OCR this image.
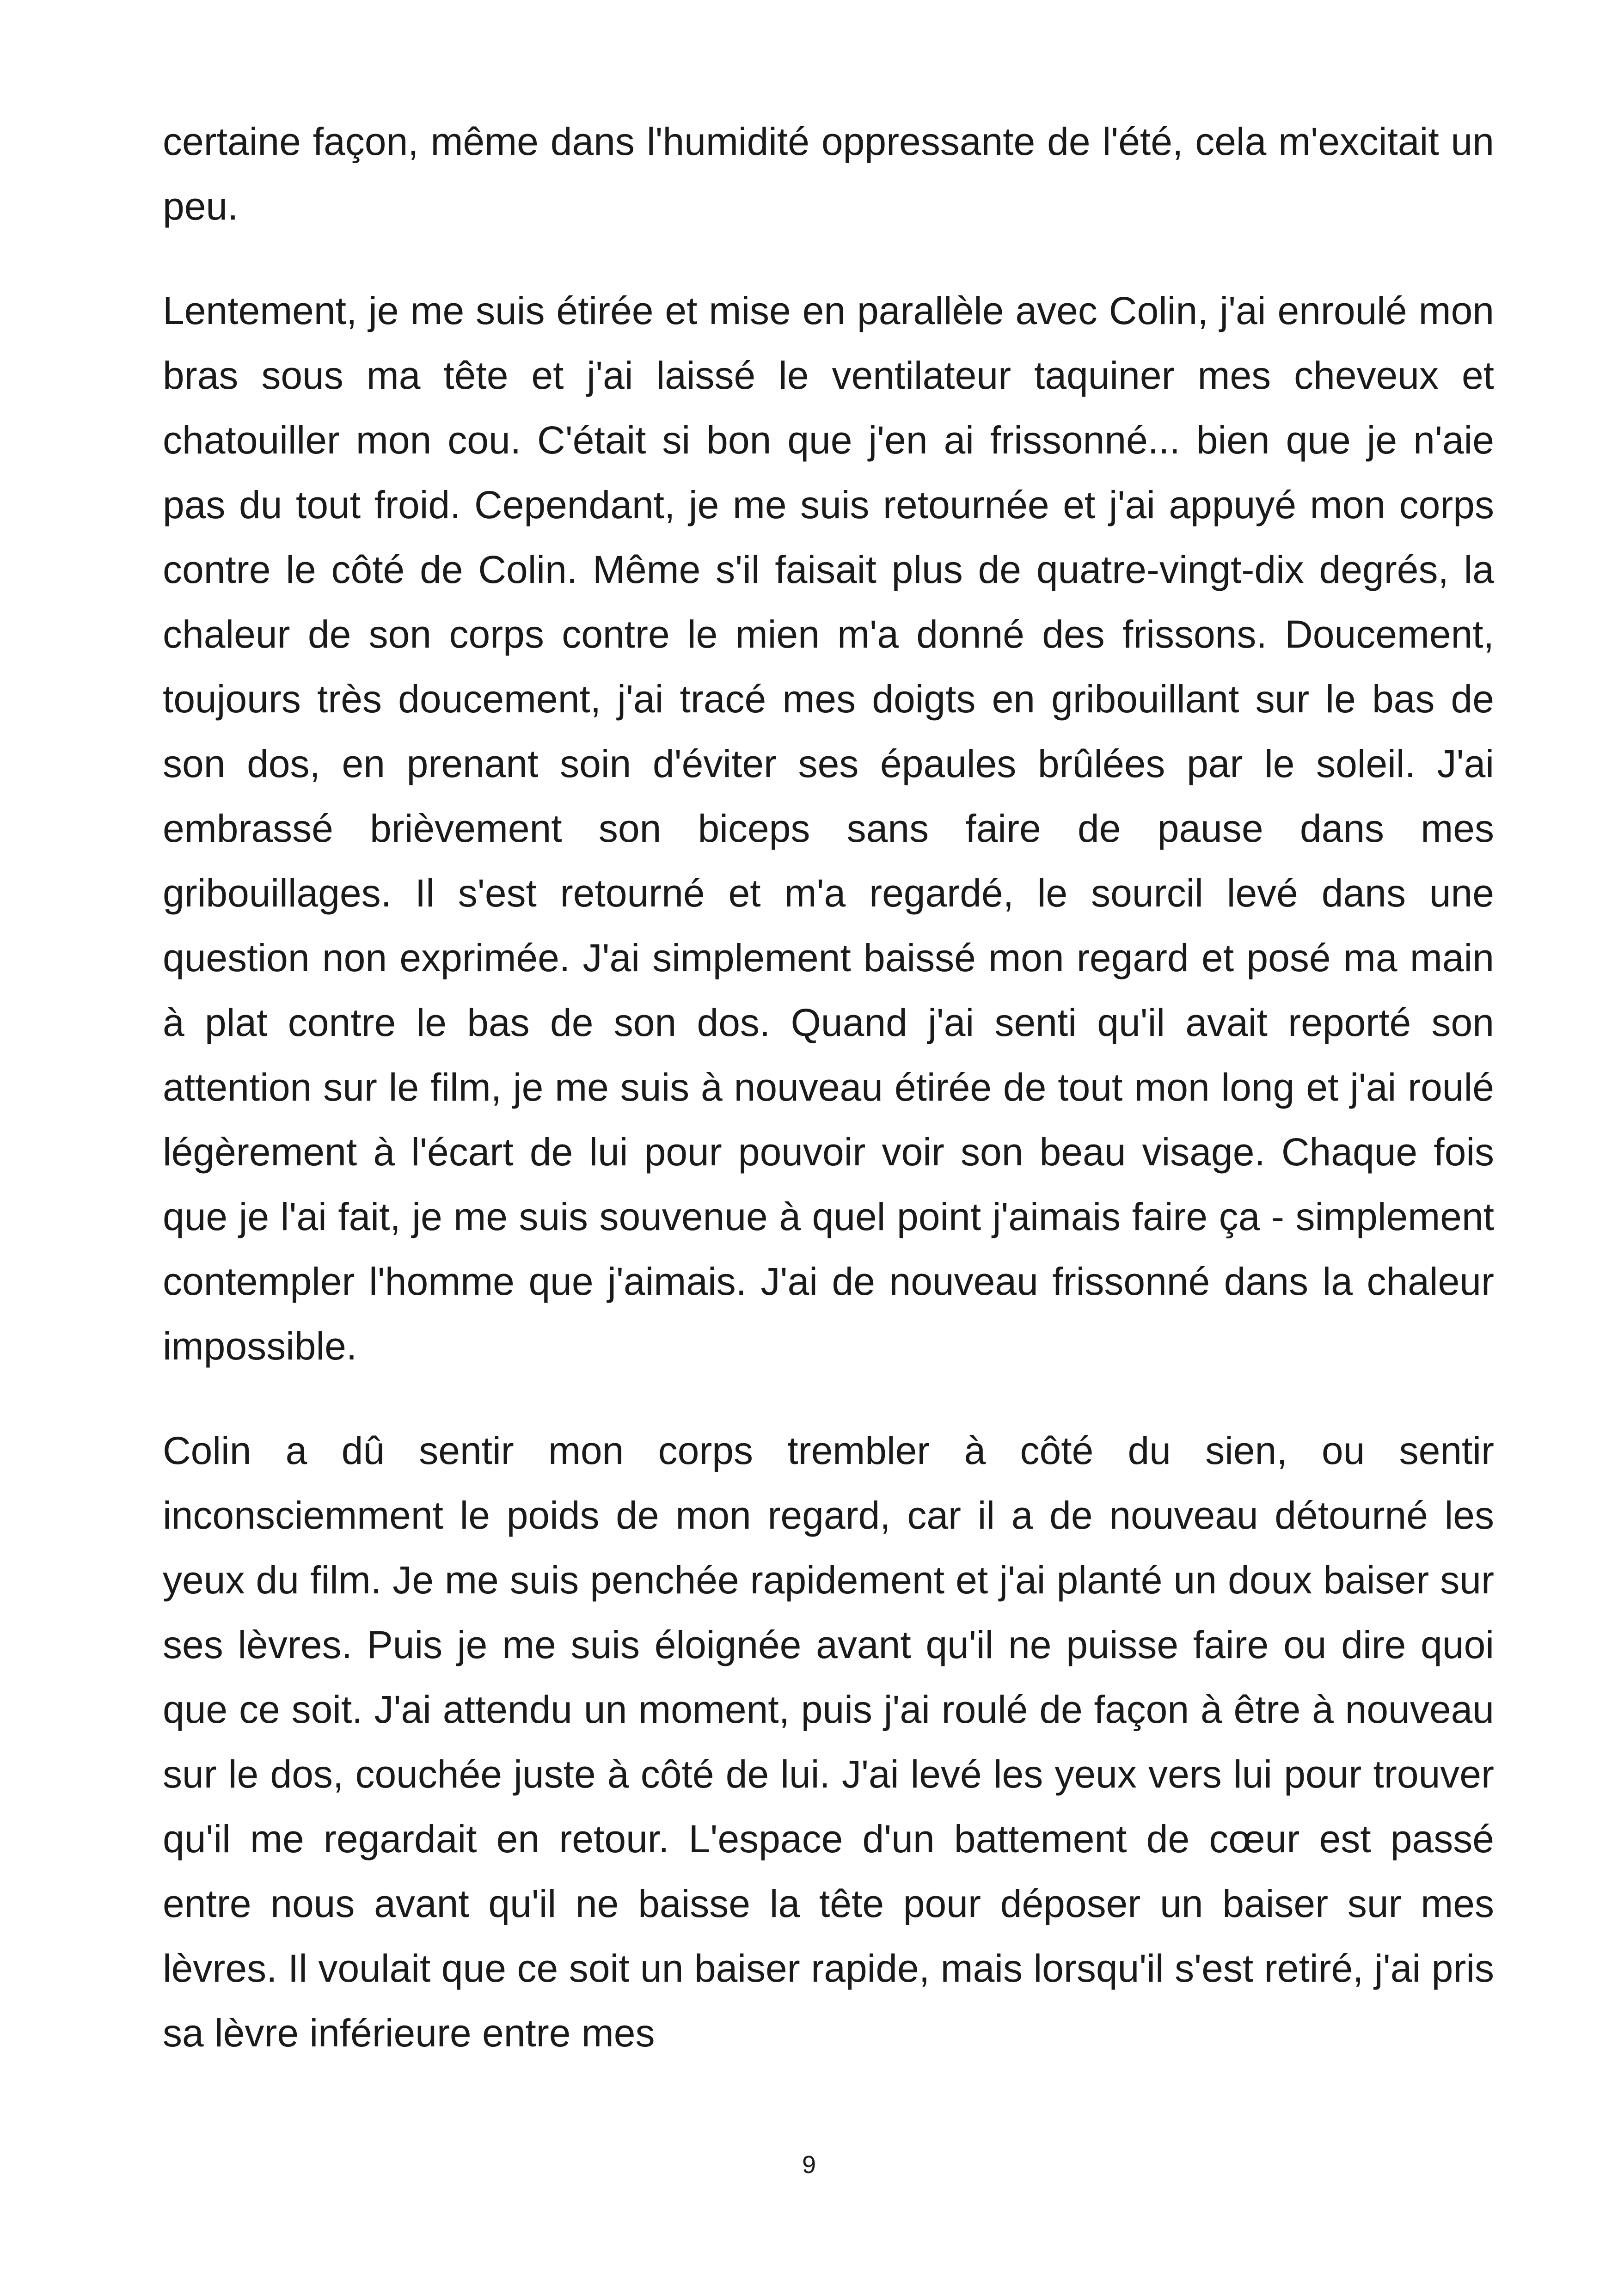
certaine façon, même dans l'humidité oppressante de l'été, cela m'excitait un peu.

Lentement, je me suis étirée et mise en parallèle avec Colin, j'ai enroulé mon bras sous ma tête et j'ai laissé le ventilateur taquiner mes cheveux et chatouiller mon cou. C'était si bon que j'en ai frissonné... bien que je n'aie pas du tout froid. Cependant, je me suis retournée et j'ai appuyé mon corps contre le côté de Colin. Même s'il faisait plus de quatre-vingt-dix degrés, la chaleur de son corps contre le mien m'a donné des frissons. Doucement, toujours très doucement, j'ai tracé mes doigts en gribouillant sur le bas de son dos, en prenant soin d'éviter ses épaules brûlées par le soleil. J'ai embrassé brièvement son biceps sans faire de pause dans mes gribouillages. Il s'est retourné et m'a regardé, le sourcil levé dans une question non exprimée. J'ai simplement baissé mon regard et posé ma main à plat contre le bas de son dos. Quand j'ai senti qu'il avait reporté son attention sur le film, je me suis à nouveau étirée de tout mon long et j'ai roulé légèrement à l'écart de lui pour pouvoir voir son beau visage. Chaque fois que je l'ai fait, je me suis souvenue à quel point j'aimais faire ça - simplement contempler l'homme que j'aimais. J'ai de nouveau frissonné dans la chaleur impossible.

Colin a dû sentir mon corps trembler à côté du sien, ou sentir inconsciemment le poids de mon regard, car il a de nouveau détourné les yeux du film. Je me suis penchée rapidement et j'ai planté un doux baiser sur ses lèvres. Puis je me suis éloignée avant qu'il ne puisse faire ou dire quoi que ce soit. J'ai attendu un moment, puis j'ai roulé de façon à être à nouveau sur le dos, couchée juste à côté de lui. J'ai levé les yeux vers lui pour trouver qu'il me regardait en retour. L'espace d'un battement de cœur est passé entre nous avant qu'il ne baisse la tête pour déposer un baiser sur mes lèvres. Il voulait que ce soit un baiser rapide, mais lorsqu'il s'est retiré, j'ai pris sa lèvre inférieure entre mes

9
